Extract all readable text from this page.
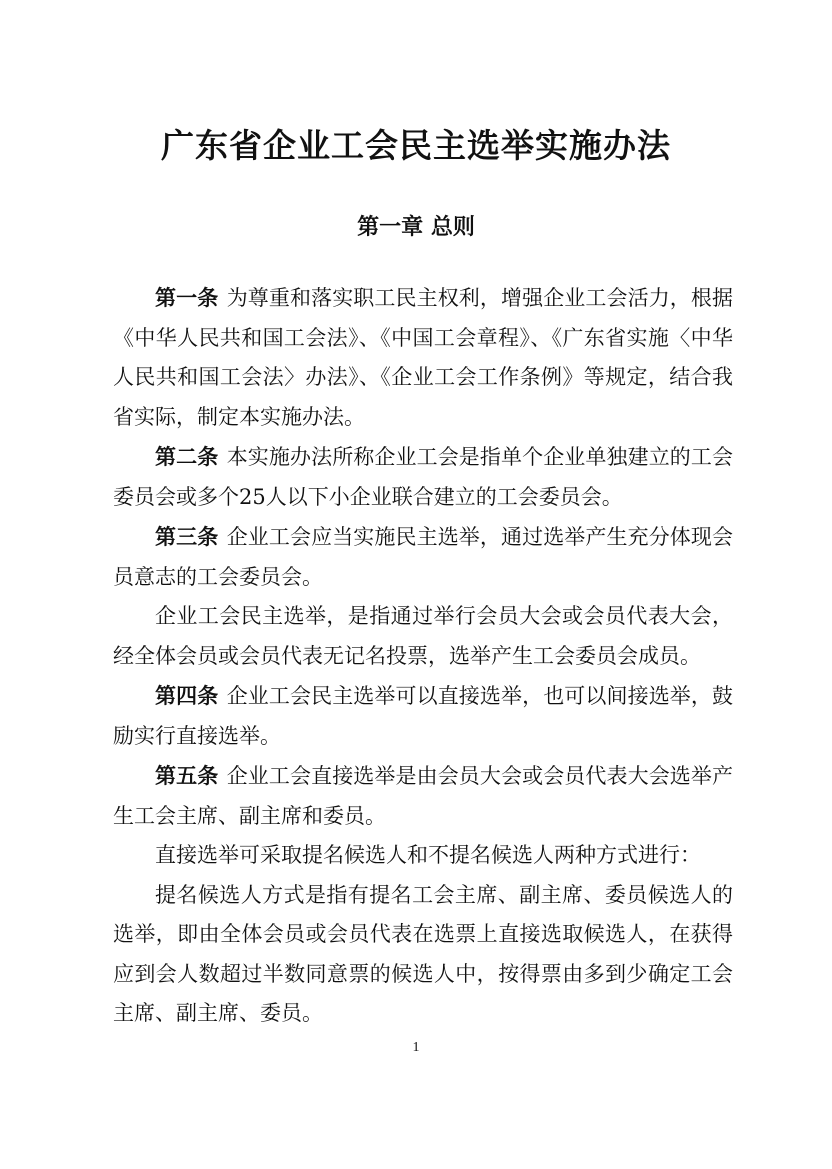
广东省企业工会民主选举实施办法
第一章 总则

第一条 为尊重和落实职工民主权利，增强企业工会活力，根据《中华人民共和国工会法》、《中国工会章程》、《广东省实施〈中华人民共和国工会法〉办法》、《企业工会工作条例》等规定，结合我省实际，制定本实施办法。

第二条 本实施办法所称企业工会是指单个企业单独建立的工会委员会或多个25人以下小企业联合建立的工会委员会。

第三条 企业工会应当实施民主选举，通过选举产生充分体现会员意志的工会委员会。

企业工会民主选举，是指通过举行会员大会或会员代表大会，经全体会员或会员代表无记名投票，选举产生工会委员会成员。

第四条 企业工会民主选举可以直接选举，也可以间接选举，鼓励实行直接选举。

第五条 企业工会直接选举是由会员大会或会员代表大会选举产生工会主席、副主席和委员。

直接选举可采取提名候选人和不提名候选人两种方式进行：

提名候选人方式是指有提名工会主席、副主席、委员候选人的选举，即由全体会员或会员代表在选票上直接选取候选人，在获得应到会人数超过半数同意票的候选人中，按得票由多到少确定工会主席、副主席、委员。

1
